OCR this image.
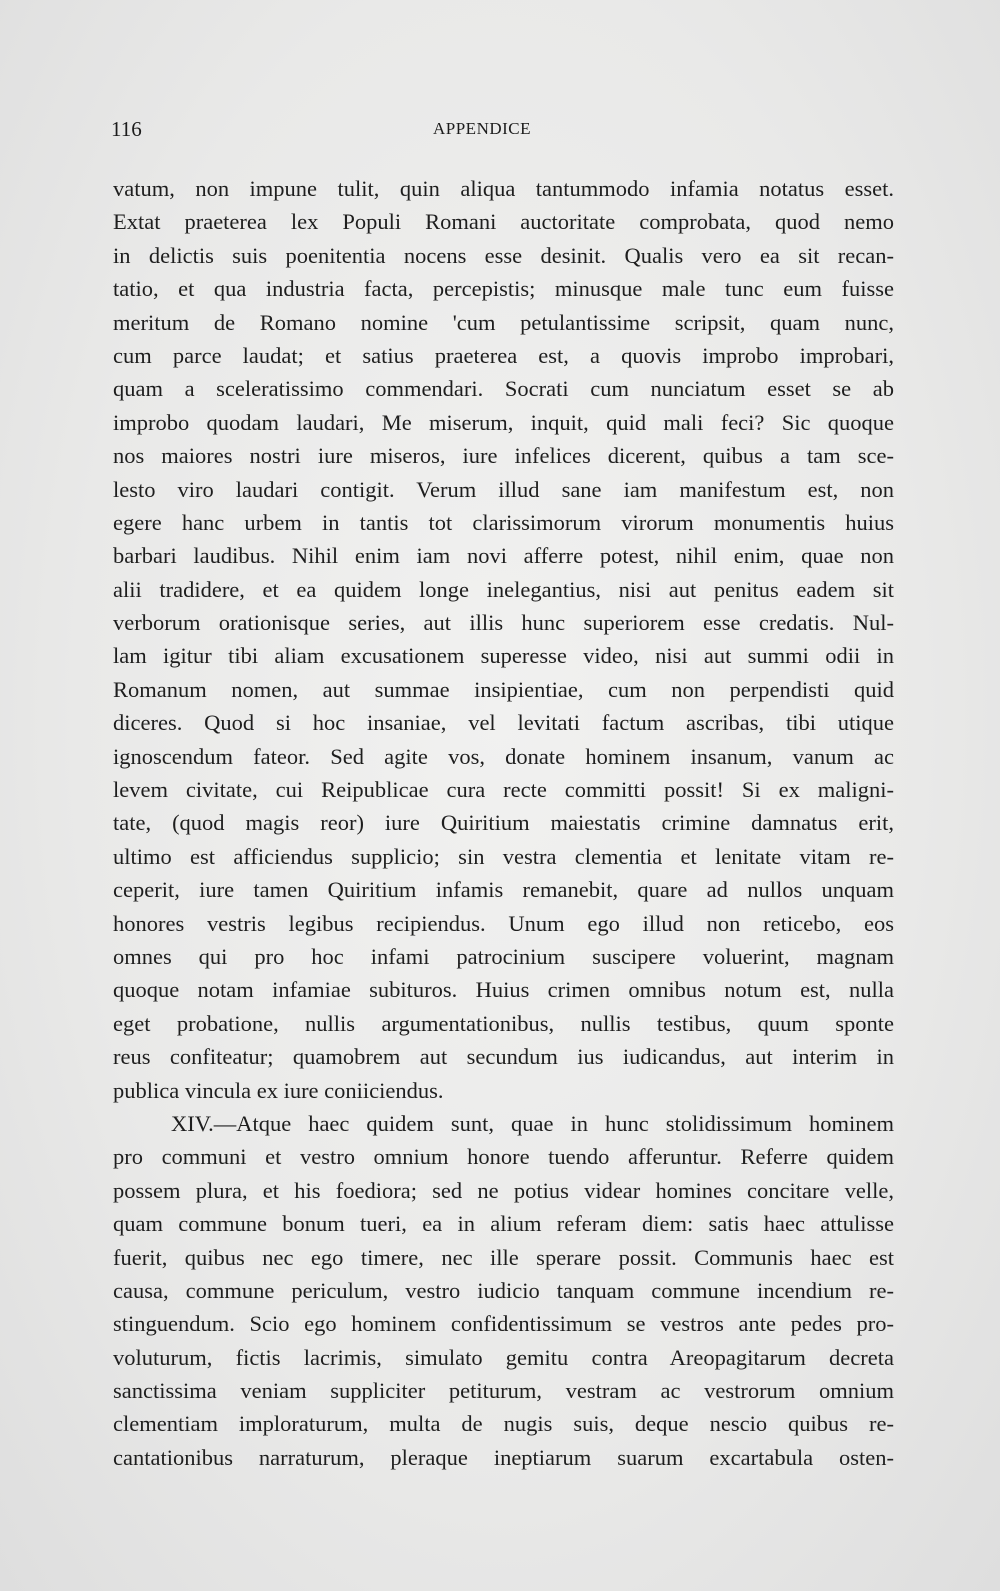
116	APPENDICE
vatum, non impune tulit, quin aliqua tantummodo infamia notatus esset.
Extat praeterea lex Populi Romani auctoritate comprobata, quod nemo
in delictis suis poenitentia nocens esse desinit. Qualis vero ea sit recan-
tatio, et qua industria facta, percepistis; minusque male tunc eum fuisse
meritum de Romano nomine 'cum petulantissime scripsit, quam nunc,
cum parce laudat; et satius praeterea est, a quovis improbo improbari,
quam a sceleratissimo commendari. Socrati cum nunciatum esset se ab
improbo quodam laudari, Me miserum, inquit, quid mali feci? Sic quoque
nos maiores nostri iure miseros, iure infelices dicerent, quibus a tam sce-
lesto viro laudari contigit. Verum illud sane iam manifestum est, non
egere hanc urbem in tantis tot clarissimorum virorum monumentis huius
barbari laudibus. Nihil enim iam novi afferre potest, nihil enim, quae non
alii tradidere, et ea quidem longe inelegantius, nisi aut penitus eadem sit
verborum orationisque series, aut illis hunc superiorem esse credatis. Nul-
lam igitur tibi aliam excusationem superesse video, nisi aut summi odii in
Romanum nomen, aut summae insipientiae, cum non perpendisti quid
diceres. Quod si hoc insaniae, vel levitati factum ascribas, tibi utique
ignoscendum fateor. Sed agite vos, donate hominem insanum, vanum ac
levem civitate, cui Reipublicae cura recte committi possit! Si ex maligni-
tate, (quod magis reor) iure Quiritium maiestatis crimine damnatus erit,
ultimo est afficiendus supplicio; sin vestra clementia et lenitate vitam re-
ceperit, iure tamen Quiritium infamis remanebit, quare ad nullos unquam
honores vestris legibus recipiendus. Unum ego illud non reticebo, eos
omnes qui pro hoc infami patrocinium suscipere voluerint, magnam
quoque notam infamiae subituros. Huius crimen omnibus notum est, nulla
eget probatione, nullis argumentationibus, nullis testibus, quum sponte
reus confiteatur; quamobrem aut secundum ius iudicandus, aut interim in
publica vincula ex iure coniiciendus.
XIV.—Atque haec quidem sunt, quae in hunc stolidissimum hominem
pro communi et vestro omnium honore tuendo afferuntur. Referre quidem
possem plura, et his foediora; sed ne potius videar homines concitare velle,
quam commune bonum tueri, ea in alium referam diem: satis haec attulisse
fuerit, quibus nec ego timere, nec ille sperare possit. Communis haec est
causa, commune periculum, vestro iudicio tanquam commune incendium re-
stinguendum. Scio ego hominem confidentissimum se vestros ante pedes pro-
voluturum, fictis lacrimis, simulato gemitu contra Areopagitarum decreta
sanctissima veniam suppliciter petiturum, vestram ac vestrorum omnium
clementiam imploraturum, multa de nugis suis, deque nescio quibus re-
cantationibus narraturum, pleraque ineptiarum suarum excartabula osten-
